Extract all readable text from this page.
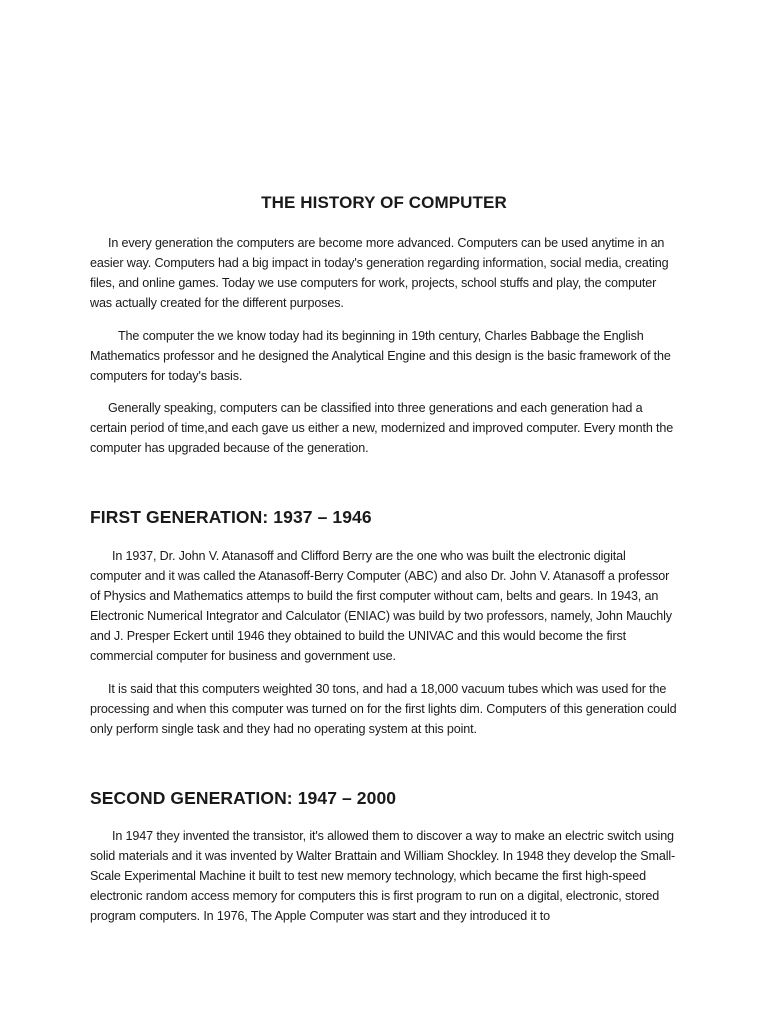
THE HISTORY OF COMPUTER

In every generation the computers are become more advanced. Computers can be used anytime in an easier way. Computers had a big impact in today's generation regarding information, social media, creating files, and online games. Today we use computers for work, projects, school stuffs and play, the computer was actually created for the different purposes.

The computer the we know today had its beginning in 19th century, Charles Babbage the English Mathematics professor and he designed the Analytical Engine and this design is the basic framework of the computers for today's basis.

Generally speaking, computers can be classified into three generations and each generation had a certain period of time,and each gave us either a new, modernized and improved computer. Every month the computer has upgraded because of the generation.

FIRST GENERATION: 1937 – 1946

In 1937, Dr. John V. Atanasoff and Clifford Berry are the one who was built the electronic digital computer and it was called the Atanasoff-Berry Computer (ABC) and also Dr. John V. Atanasoff a professor of Physics and Mathematics attemps to build the first computer without cam, belts and gears. In 1943, an Electronic Numerical Integrator and Calculator (ENIAC) was build by two professors, namely, John Mauchly and J. Presper Eckert until 1946 they obtained to build the UNIVAC and this would become the first commercial computer for business and government use.

It is said that this computers weighted 30 tons, and had a 18,000 vacuum tubes which was used for the processing and when this computer was turned on for the first lights dim. Computers of this generation could only perform single task and they had no operating system at this point.

SECOND GENERATION: 1947 – 2000

In 1947 they invented the transistor, it's allowed them to discover a way to make an electric switch using solid materials and it was invented by Walter Brattain and William Shockley. In 1948 they develop the Small-Scale Experimental Machine it built to test new memory technology, which became the first high-speed electronic random access memory for computers this is first program to run on a digital, electronic, stored program computers. In 1976, The Apple Computer was start and they introduced it to
